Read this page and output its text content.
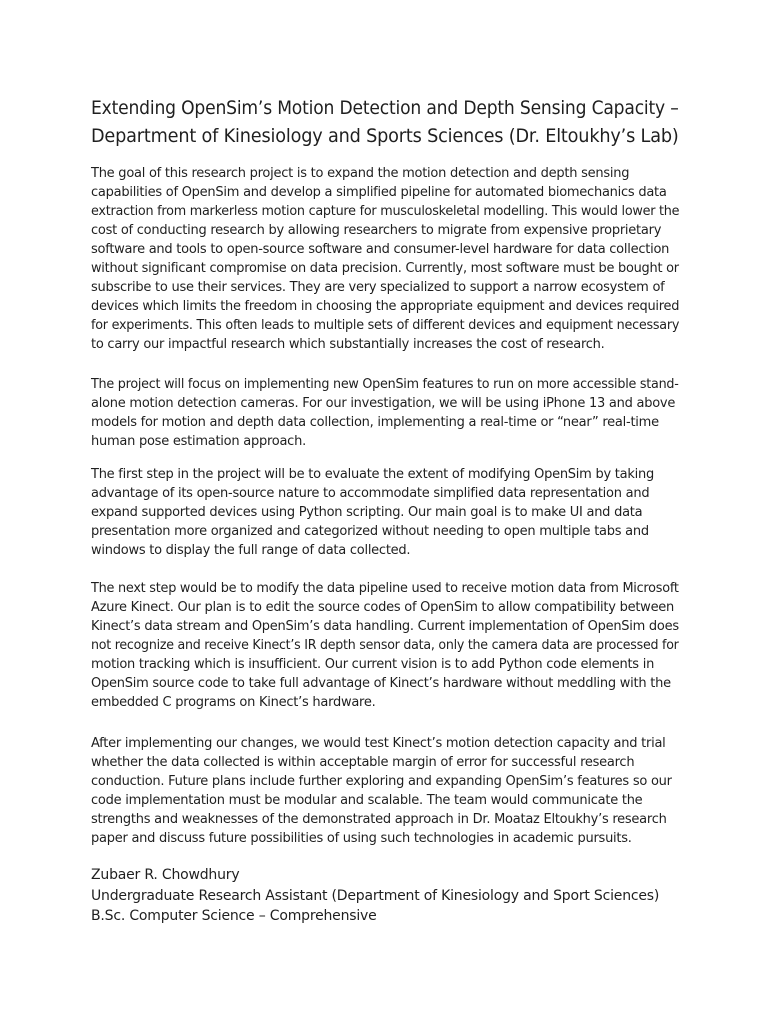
Extending OpenSim’s Motion Detection and Depth Sensing Capacity –
Department of Kinesiology and Sports Sciences (Dr. Eltoukhy’s Lab)
The goal of this research project is to expand the motion detection and depth sensing
capabilities of OpenSim and develop a simplified pipeline for automated biomechanics data
extraction from markerless motion capture for musculoskeletal modelling. This would lower the
cost of conducting research by allowing researchers to migrate from expensive proprietary
software and tools to open-source software and consumer-level hardware for data collection
without significant compromise on data precision. Currently, most software must be bought or
subscribe to use their services. They are very specialized to support a narrow ecosystem of
devices which limits the freedom in choosing the appropriate equipment and devices required
for experiments. This often leads to multiple sets of different devices and equipment necessary
to carry our impactful research which substantially increases the cost of research.
The project will focus on implementing new OpenSim features to run on more accessible stand-
alone motion detection cameras. For our investigation, we will be using iPhone 13 and above
models for motion and depth data collection, implementing a real-time or “near” real-time
human pose estimation approach.
The first step in the project will be to evaluate the extent of modifying OpenSim by taking
advantage of its open-source nature to accommodate simplified data representation and
expand supported devices using Python scripting. Our main goal is to make UI and data
presentation more organized and categorized without needing to open multiple tabs and
windows to display the full range of data collected.
The next step would be to modify the data pipeline used to receive motion data from Microsoft
Azure Kinect. Our plan is to edit the source codes of OpenSim to allow compatibility between
Kinect’s data stream and OpenSim’s data handling. Current implementation of OpenSim does
not recognize and receive Kinect’s IR depth sensor data, only the camera data are processed for
motion tracking which is insufficient. Our current vision is to add Python code elements in
OpenSim source code to take full advantage of Kinect’s hardware without meddling with the
embedded C programs on Kinect’s hardware.
After implementing our changes, we would test Kinect’s motion detection capacity and trial
whether the data collected is within acceptable margin of error for successful research
conduction. Future plans include further exploring and expanding OpenSim’s features so our
code implementation must be modular and scalable. The team would communicate the
strengths and weaknesses of the demonstrated approach in Dr. Moataz Eltoukhy’s research
paper and discuss future possibilities of using such technologies in academic pursuits.
Zubaer R. Chowdhury
Undergraduate Research Assistant (Department of Kinesiology and Sport Sciences)
B.Sc. Computer Science – Comprehensive
